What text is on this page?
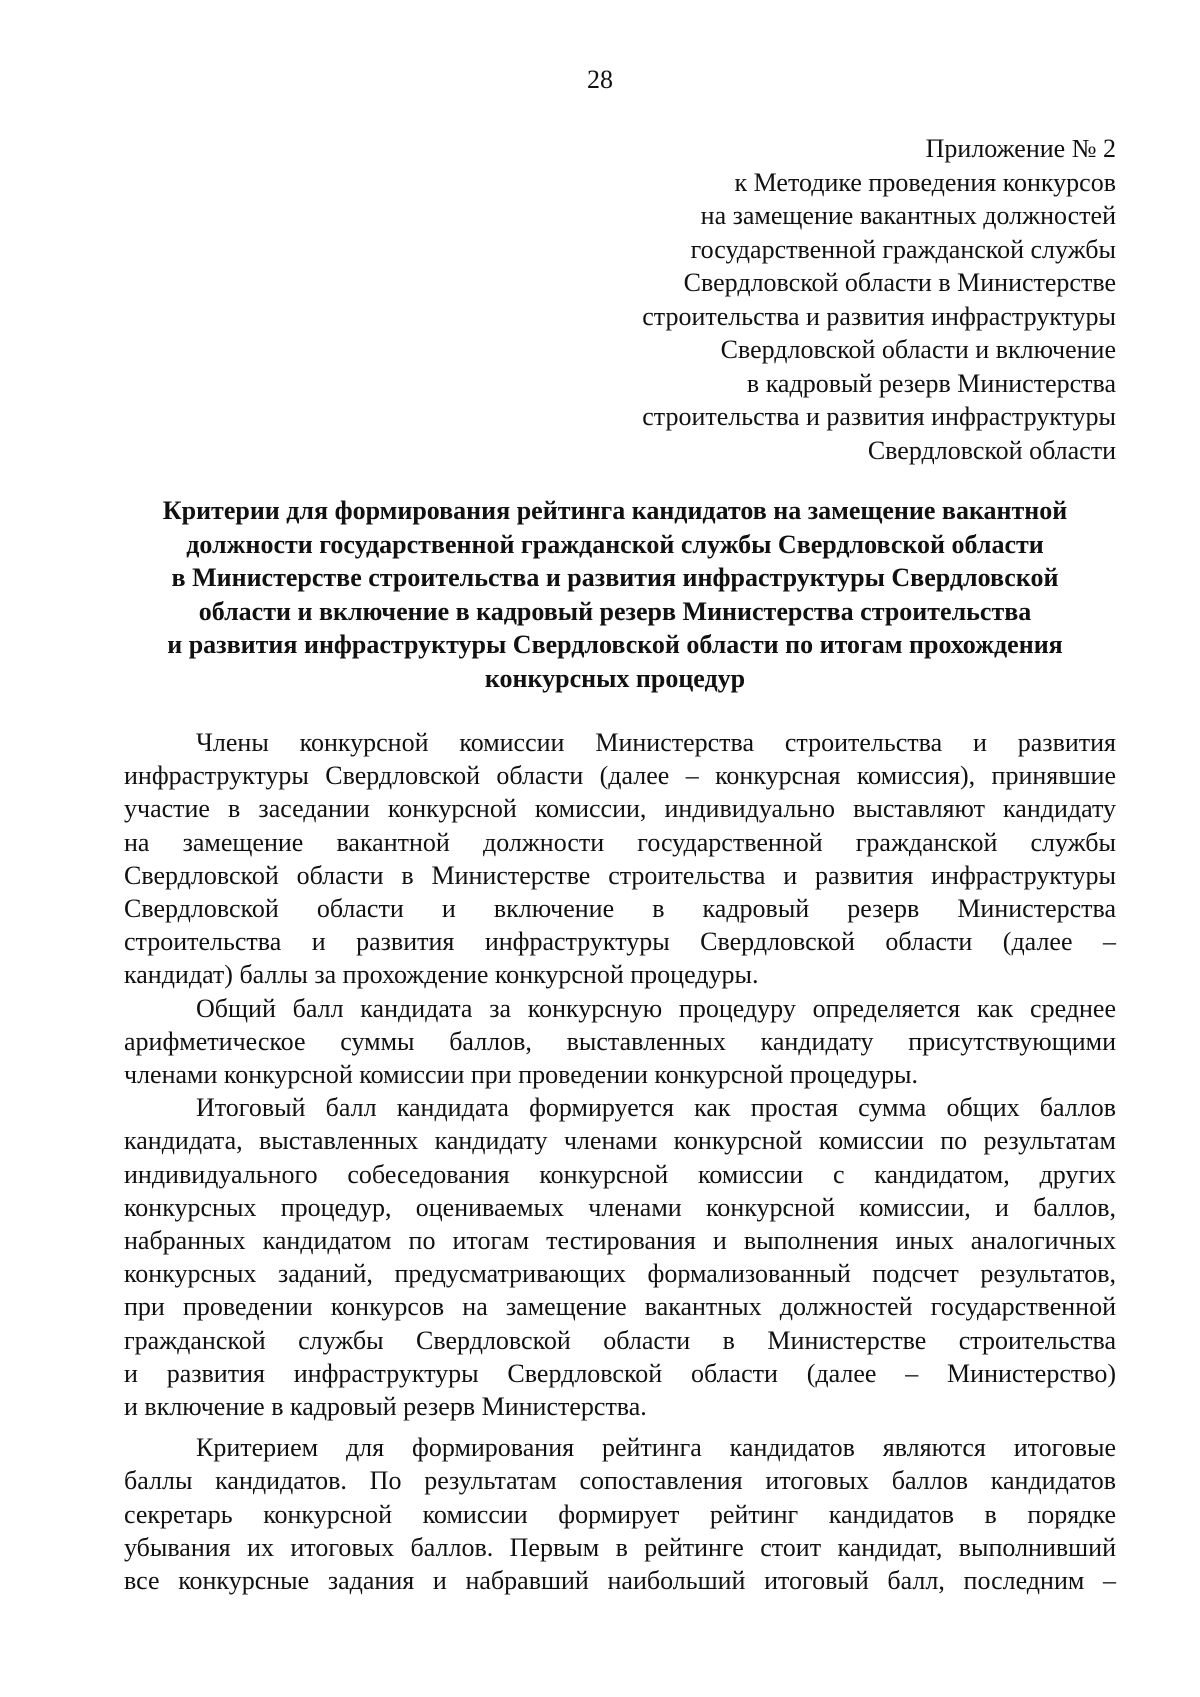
28
Приложение № 2
к Методике проведения конкурсов
на замещение вакантных должностей
государственной гражданской службы
Свердловской области в Министерстве
строительства и развития инфраструктуры
Свердловской области и включение
в кадровый резерв Министерства
строительства и развития инфраструктуры
Свердловской области
Критерии для формирования рейтинга кандидатов на замещение вакантной
должности государственной гражданской службы Свердловской области
в Министерстве строительства и развития инфраструктуры Свердловской
области и включение в кадровый резерв Министерства строительства
и развития инфраструктуры Свердловской области по итогам прохождения
конкурсных процедур
Члены конкурсной комиссии Министерства строительства и развития
инфраструктуры Свердловской области (далее – конкурсная комиссия), принявшие
участие в заседании конкурсной комиссии, индивидуально выставляют кандидату
на замещение вакантной должности государственной гражданской службы
Свердловской области в Министерстве строительства и развития инфраструктуры
Свердловской области и включение в кадровый резерв Министерства
строительства и развития инфраструктуры Свердловской области (далее –
кандидат) баллы за прохождение конкурсной процедуры.
Общий балл кандидата за конкурсную процедуру определяется как среднее
арифметическое суммы баллов, выставленных кандидату присутствующими
членами конкурсной комиссии при проведении конкурсной процедуры.
Итоговый балл кандидата формируется как простая сумма общих баллов
кандидата, выставленных кандидату членами конкурсной комиссии по результатам
индивидуального собеседования конкурсной комиссии с кандидатом, других
конкурсных процедур, оцениваемых членами конкурсной комиссии, и баллов,
набранных кандидатом по итогам тестирования и выполнения иных аналогичных
конкурсных заданий, предусматривающих формализованный подсчет результатов,
при проведении конкурсов на замещение вакантных должностей государственной
гражданской службы Свердловской области в Министерстве строительства
и развития инфраструктуры Свердловской области (далее – Министерство)
и включение в кадровый резерв Министерства.
Критерием для формирования рейтинга кандидатов являются итоговые
баллы кандидатов. По результатам сопоставления итоговых баллов кандидатов
секретарь конкурсной комиссии формирует рейтинг кандидатов в порядке
убывания их итоговых баллов. Первым в рейтинге стоит кандидат, выполнивший
все конкурсные задания и набравший наибольший итоговый балл, последним –
